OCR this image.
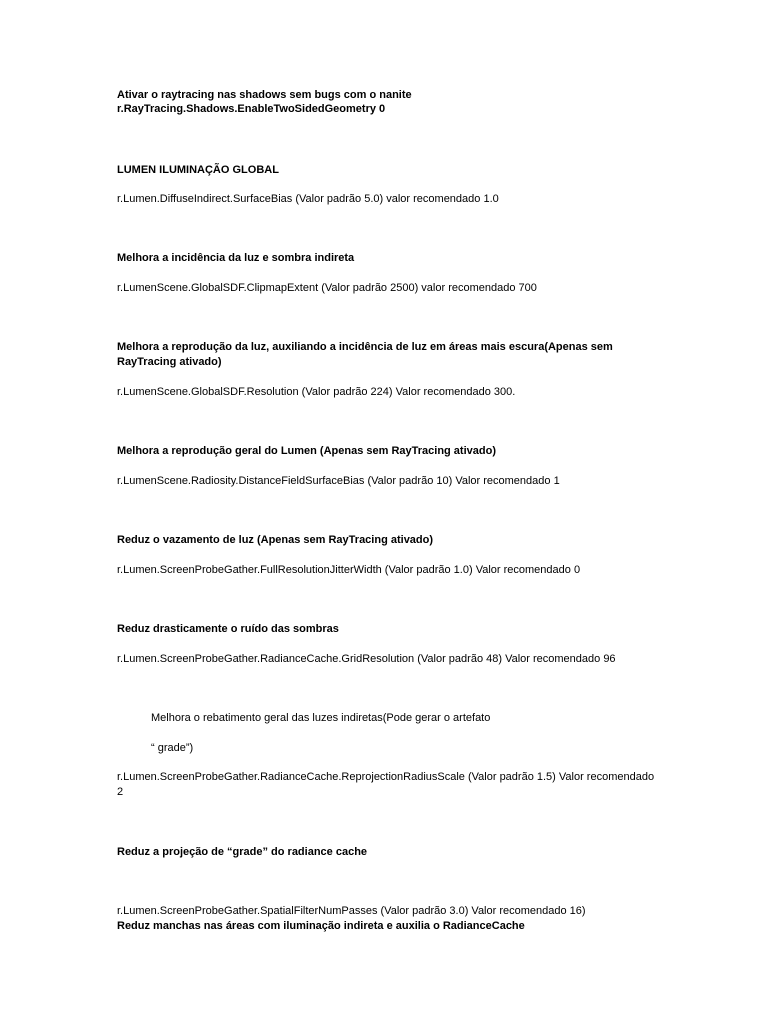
Ativar o raytracing nas shadows sem bugs com o nanite
r.RayTracing.Shadows.EnableTwoSidedGeometry 0
LUMEN ILUMINAÇÃO GLOBAL
r.Lumen.DiffuseIndirect.SurfaceBias (Valor padrão 5.0) valor recomendado 1.0
Melhora a incidência da luz e sombra indireta
r.LumenScene.GlobalSDF.ClipmapExtent (Valor padrão 2500) valor recomendado 700
Melhora a reprodução da luz, auxiliando a incidência de luz em áreas mais escura(Apenas sem RayTracing ativado)
r.LumenScene.GlobalSDF.Resolution (Valor padrão 224) Valor recomendado 300.
Melhora a reprodução geral do Lumen (Apenas sem RayTracing ativado)
r.LumenScene.Radiosity.DistanceFieldSurfaceBias (Valor padrão 10) Valor recomendado 1
Reduz o vazamento de luz (Apenas sem RayTracing ativado)
r.Lumen.ScreenProbeGather.FullResolutionJitterWidth (Valor padrão 1.0) Valor recomendado 0
Reduz drasticamente o ruído das sombras
r.Lumen.ScreenProbeGather.RadianceCache.GridResolution (Valor padrão 48) Valor recomendado 96
Melhora o rebatimento geral das luzes indiretas(Pode gerar o artefato
“ grade”)
r.Lumen.ScreenProbeGather.RadianceCache.ReprojectionRadiusScale (Valor padrão 1.5) Valor recomendado 2
Reduz a projeção de “grade” do radiance cache
r.Lumen.ScreenProbeGather.SpatialFilterNumPasses (Valor padrão 3.0) Valor recomendado 16)
Reduz manchas nas áreas com iluminação indireta e auxilia o RadianceCache
